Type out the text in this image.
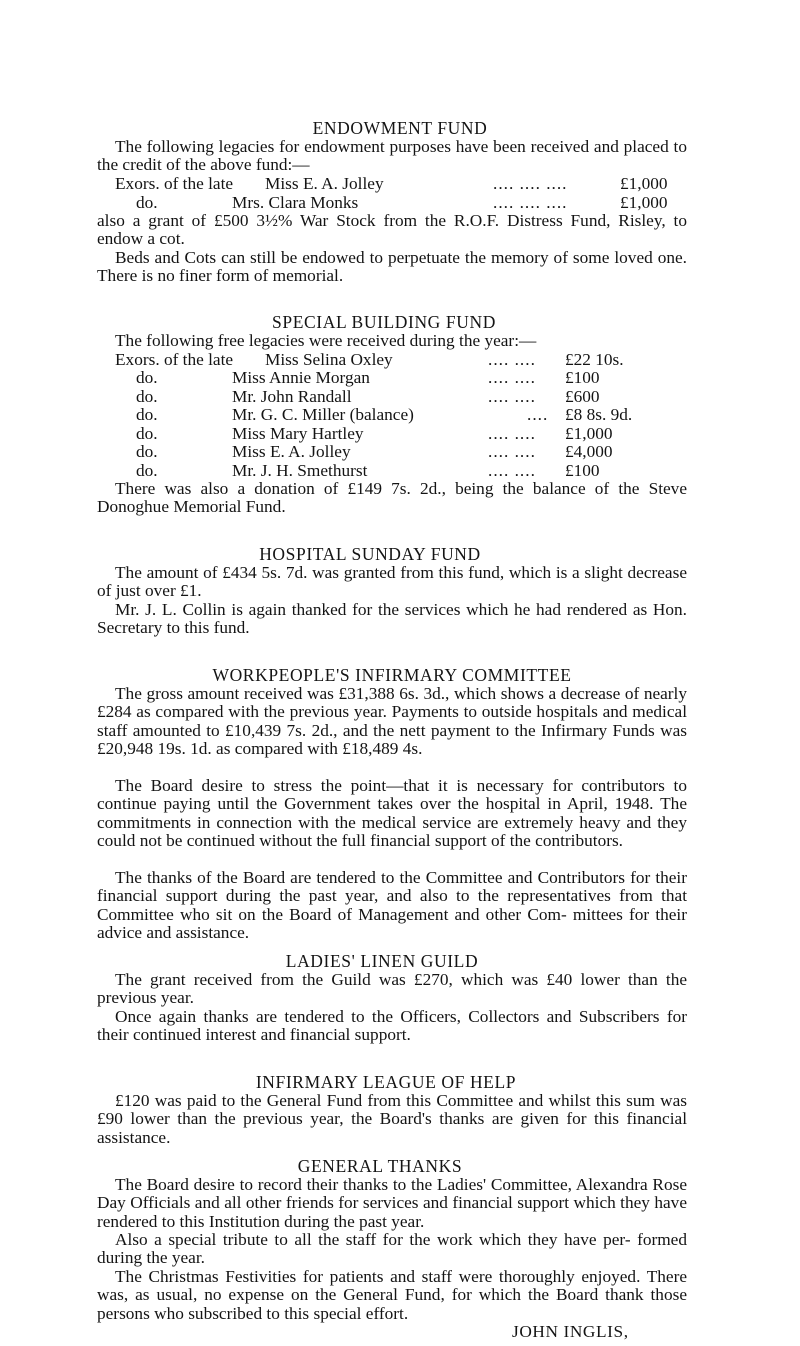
ENDOWMENT FUND

The following legacies for endowment purposes have been received and placed to the credit of the above fund:—

Exors. of the late Miss E. A. Jolley	.... .... ....	£1,000
do.	Mrs. Clara Monks	.... .... ....	£1,000

also a grant of £500 3½% War Stock from the R.O.F. Distress Fund, Risley, to endow a cot.

Beds and Cots can still be endowed to perpetuate the memory of some loved one. There is no finer form of memorial.

SPECIAL BUILDING FUND

The following free legacies were received during the year:—

Exors. of the late Miss Selina Oxley	.... .... £22 10s.
do.	Miss Annie Morgan	.... .... £100
do.	Mr. John Randall	.... .... £600
do.	Mr. G. C. Miller (balance)	.... £8 8s. 9d.
do.	Miss Mary Hartley	.... .... £1,000
do.	Miss E. A. Jolley	.... .... £4,000
do.	Mr. J. H. Smethurst	.... .... £100

There was also a donation of £149 7s. 2d., being the balance of the Steve Donoghue Memorial Fund.

HOSPITAL SUNDAY FUND

The amount of £434 5s. 7d. was granted from this fund, which is a slight decrease of just over £1.

Mr. J. L. Collin is again thanked for the services which he had rendered as Hon. Secretary to this fund.

WORKPEOPLE'S INFIRMARY COMMITTEE

The gross amount received was £31,388 6s. 3d., which shows a decrease of nearly £284 as compared with the previous year. Payments to outside hospitals and medical staff amounted to £10,439 7s. 2d., and the nett payment to the Infirmary Funds was £20,948 19s. 1d. as compared with £18,489 4s.

The Board desire to stress the point—that it is necessary for contributors to continue paying until the Government takes over the hospital in April, 1948. The commitments in connection with the medical service are extremely heavy and they could not be continued without the full financial support of the contributors.

The thanks of the Board are tendered to the Committee and Contributors for their financial support during the past year, and also to the representatives from that Committee who sit on the Board of Management and other Com- mittees for their advice and assistance.

LADIES' LINEN GUILD

The grant received from the Guild was £270, which was £40 lower than the previous year.

Once again thanks are tendered to the Officers, Collectors and Subscribers for their continued interest and financial support.

INFIRMARY LEAGUE OF HELP

£120 was paid to the General Fund from this Committee and whilst this sum was £90 lower than the previous year, the Board's thanks are given for this financial assistance.

GENERAL THANKS

The Board desire to record their thanks to the Ladies' Committee, Alexandra Rose Day Officials and all other friends for services and financial support which they have rendered to this Institution during the past year.

Also a special tribute to all the staff for the work which they have per- formed during the year.

The Christmas Festivities for patients and staff were thoroughly enjoyed. There was, as usual, no expense on the General Fund, for which the Board thank those persons who subscribed to this special effort.

JOHN INGLIS,
